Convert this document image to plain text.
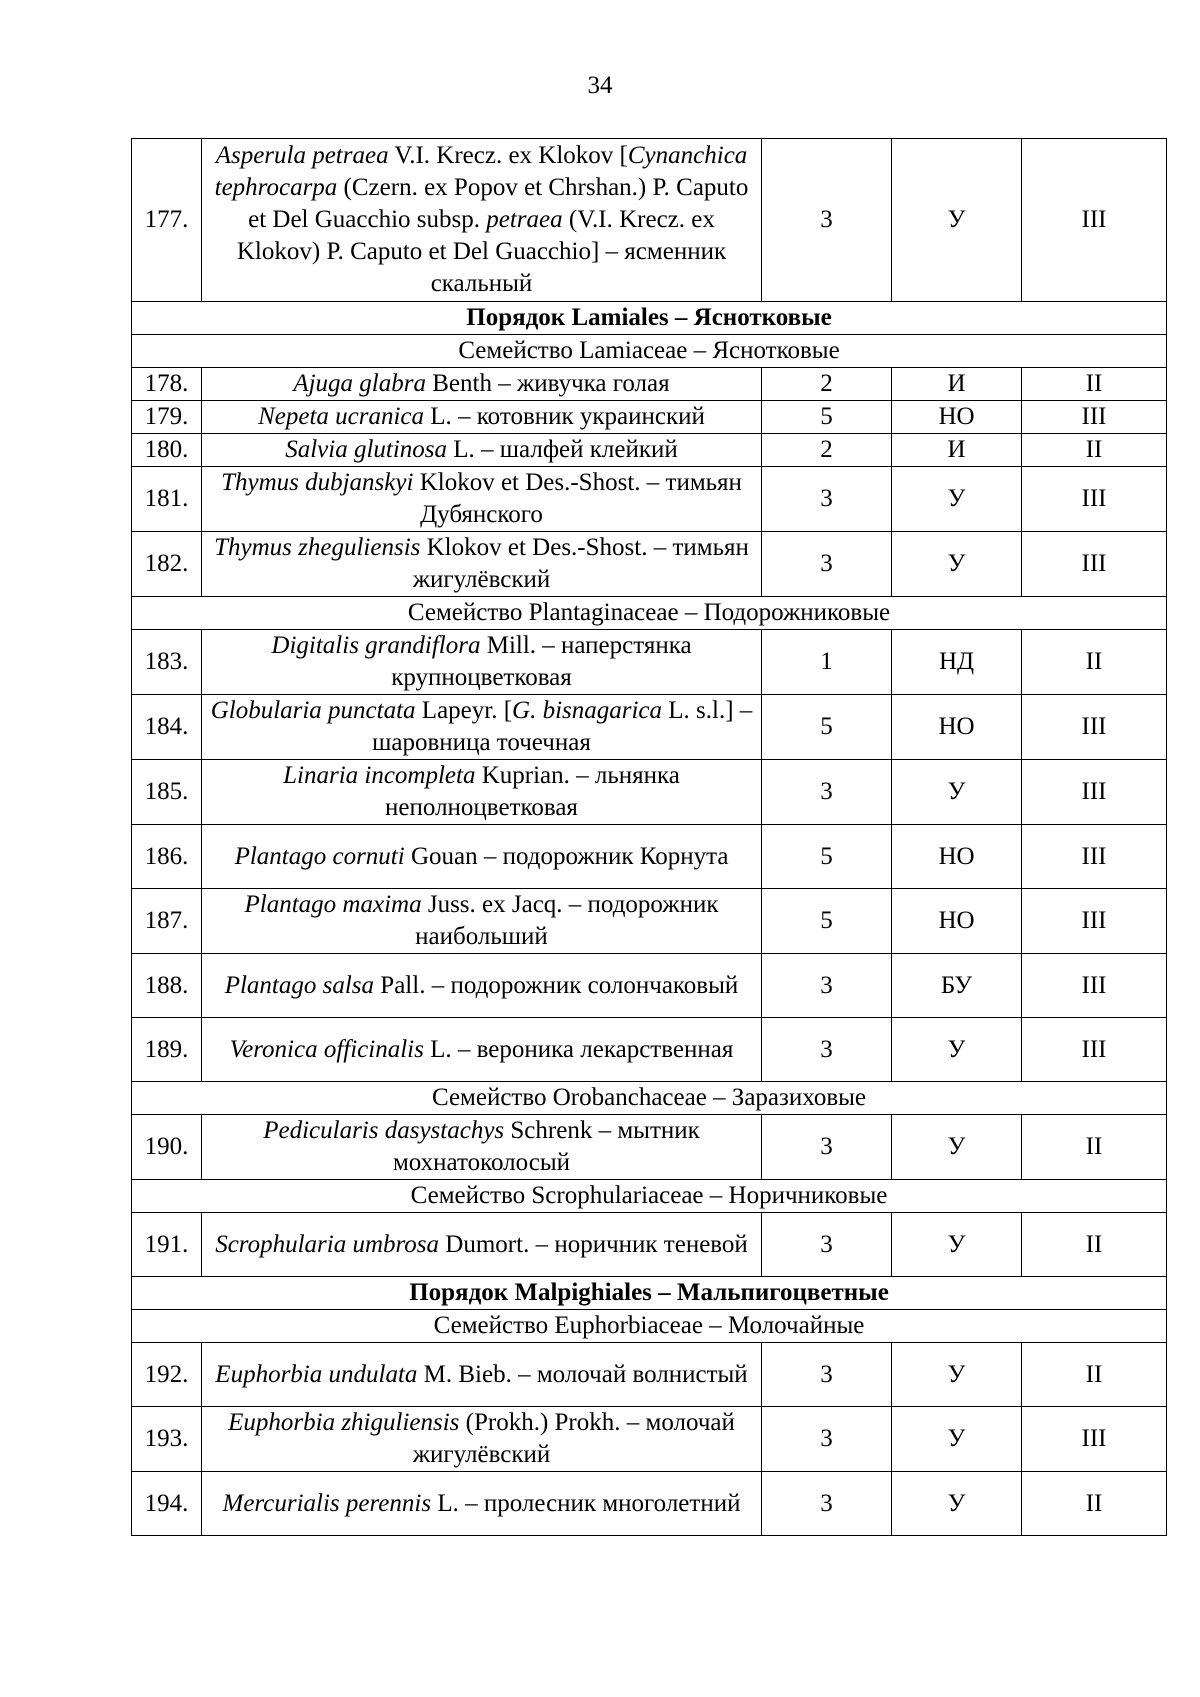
34
177.	Asperula petraea V.I. Krecz. ex Klokov [Cynanchica tephrocarpa (Czern. ex Popov et Chrshan.) P. Caputo et Del Guacchio subsp. petraea (V.I. Krecz. ex Klokov) P. Caputo et Del Guacchio] – ясменник скальный	3	У	III
Порядок Lamiales – Яснотковые				
Семейство Lamiaceae – Яснотковые				
178.	Ajuga glabra Benth – живучка голая	2	И	II
179.	Nepeta ucranica L. – котовник украинский	5	НО	III
180.	Salvia glutinosa L. – шалфей клейкий	2	И	II
181.	Thymus dubjanskyi Klokov et Des.-Shost. – тимьян Дубянского	3	У	III
182.	Thymus zheguliensis Klokov et Des.-Shost. – тимьян жигулёвский	3	У	III
Семейство Plantaginaceae – Подорожниковые				
183.	Digitalis grandiflora Mill. – наперстянка крупноцветковая	1	НД	II
184.	Globularia punctata Lapeyr. [G. bisnagarica L. s.l.] – шаровница точечная	5	НО	III
185.	Linaria incompleta Kuprian. – льнянка неполноцветковая	3	У	III
186.	Plantago cornuti Gouan – подорожник Корнута	5	НО	III
187.	Plantago maxima Juss. ex Jacq. – подорожник наибольший	5	НО	III
188.	Plantago salsa Pall. – подорожник солончаковый	3	БУ	III
189.	Veronica officinalis L. – вероника лекарственная	3	У	III
Семейство Orobanchaceae – Заразиховые				
190.	Pedicularis dasystachys Schrenk – мытник мохнатоколосый	3	У	II
Семейство Scrophulariaceae – Норичниковые				
191.	Scrophularia umbrosa Dumort. – норичник теневой	3	У	II
Порядок Malpighiales – Мальпигоцветные				
Семейство Euphorbiaceae – Молочайные				
192.	Euphorbia undulata M. Bieb. – молочай волнистый	3	У	II
193.	Euphorbia zhiguliensis (Prokh.) Prokh. – молочай жигулёвский	3	У	III
194.	Mercurialis perennis L. – пролесник многолетний	3	У	II
